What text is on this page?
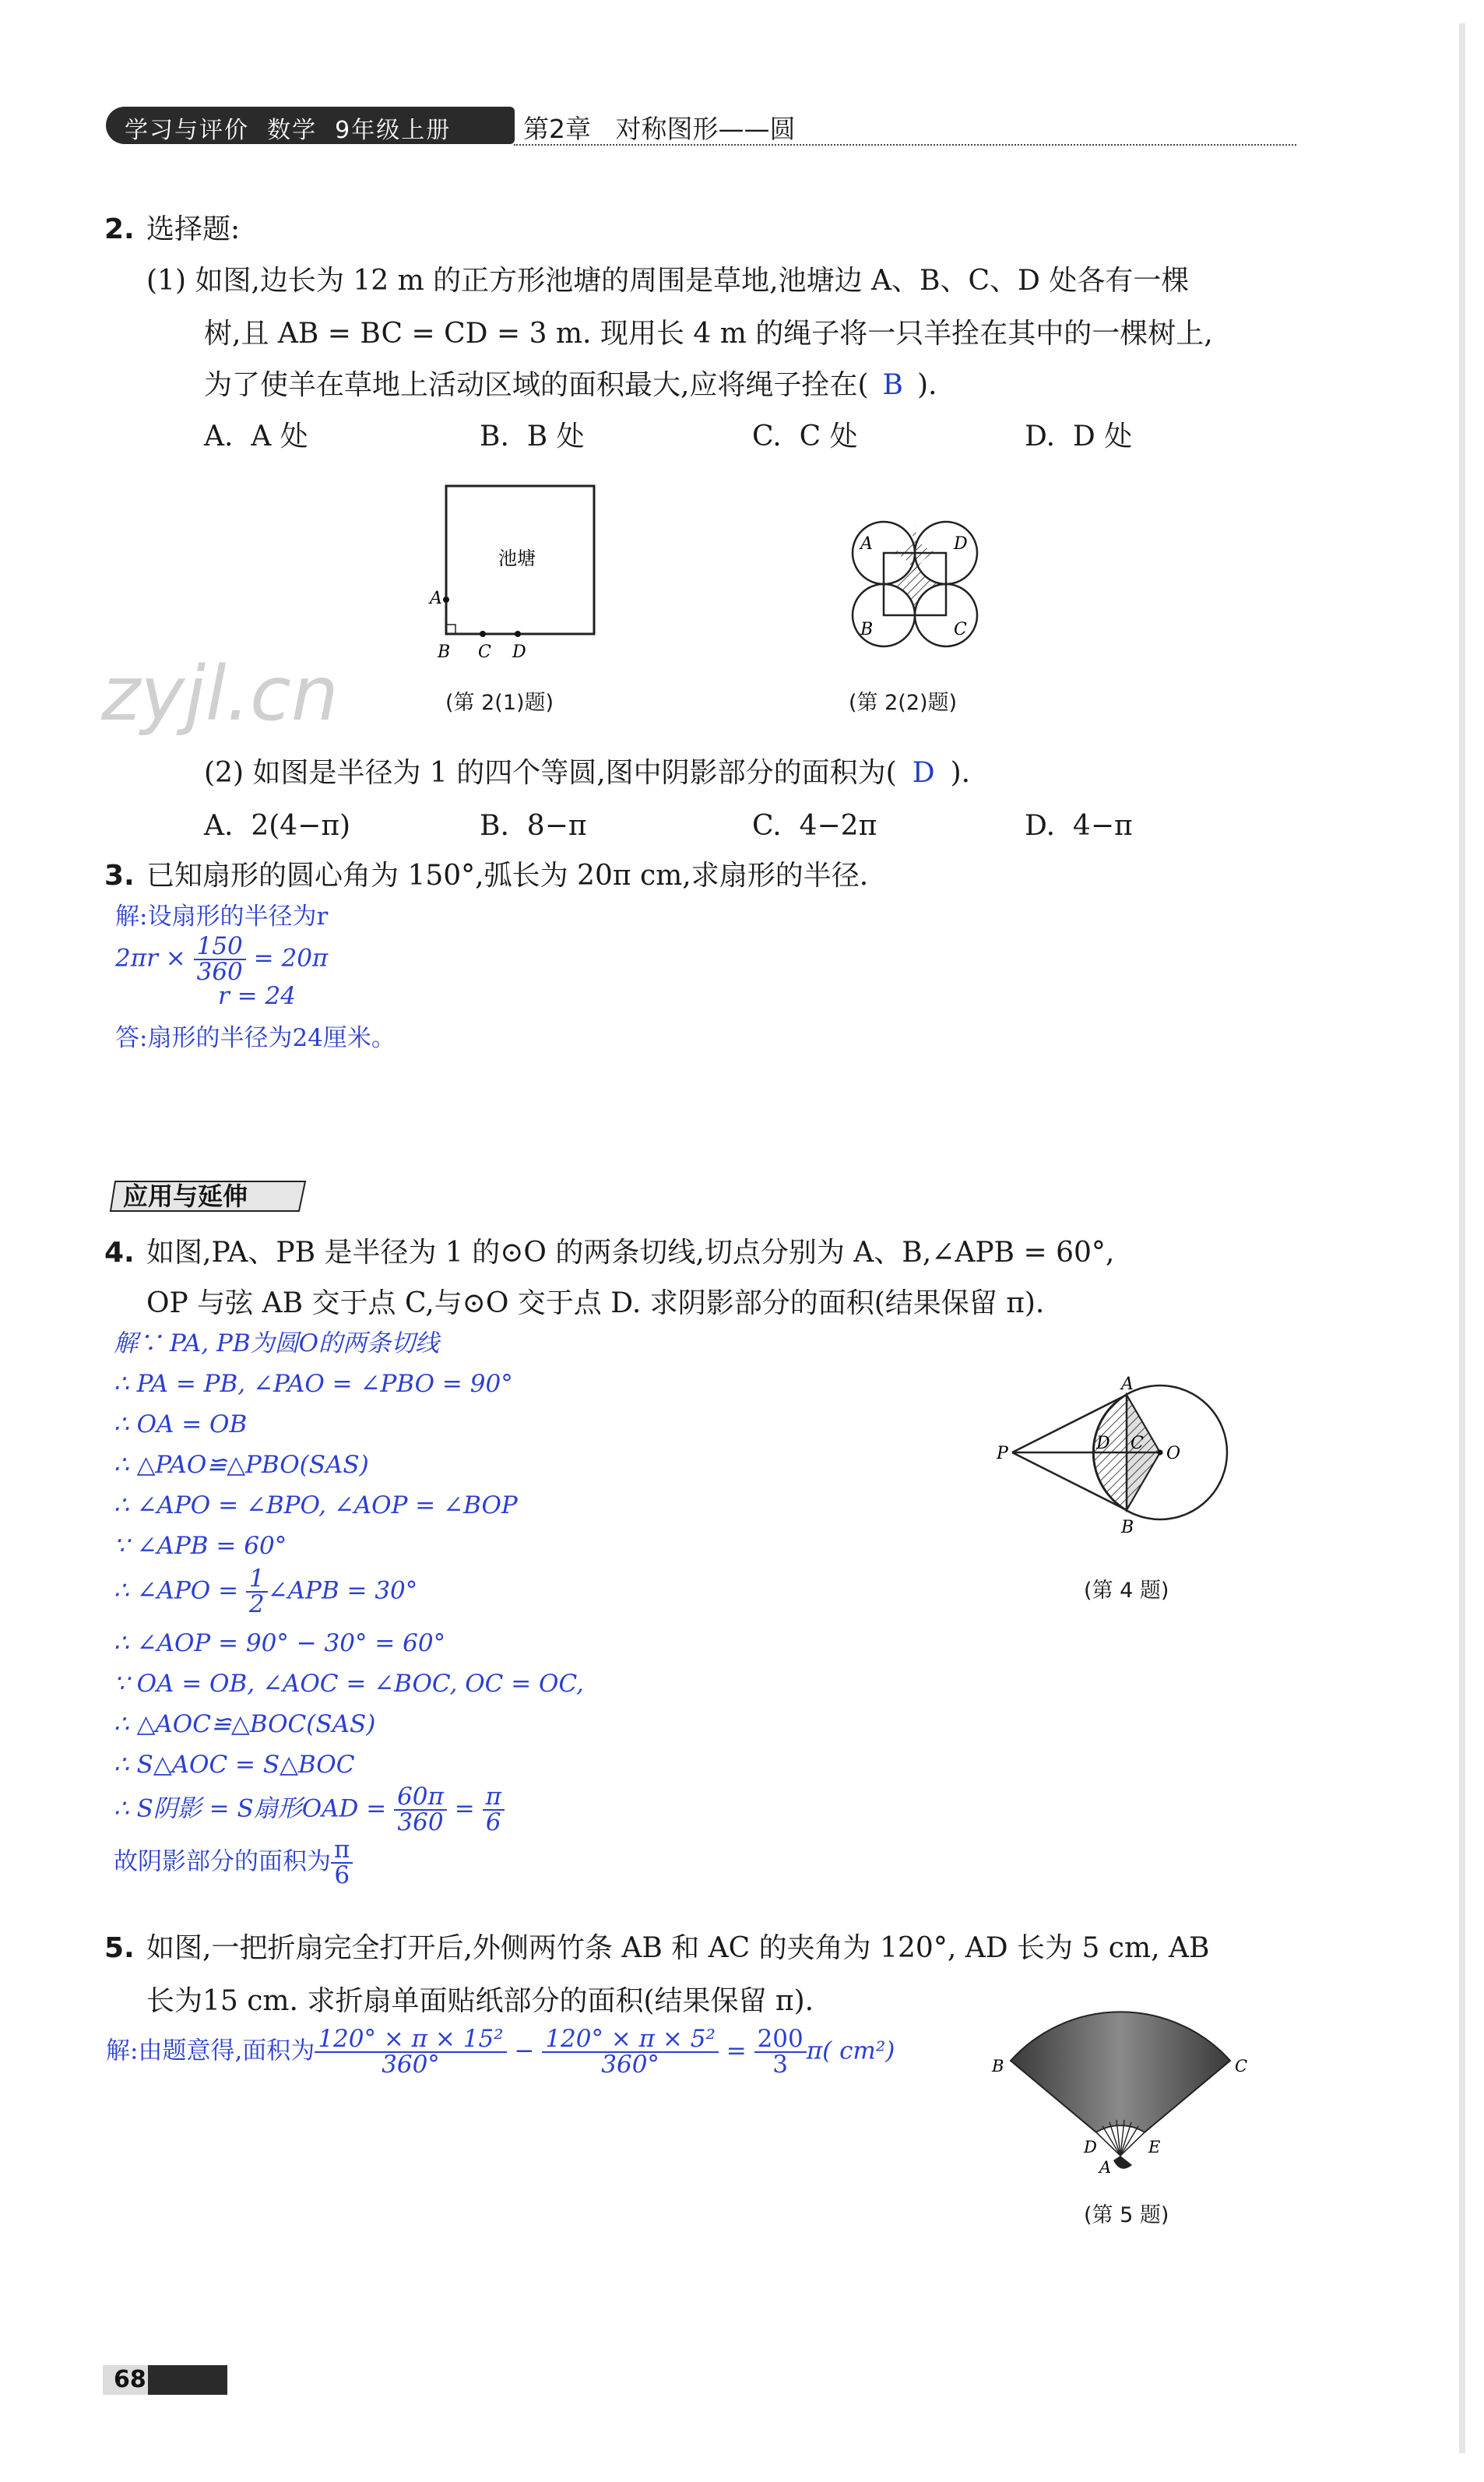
学习与评价  数学  9年级上册	第2章   对称图形——圆
zyjl.cn
2. 选择题:
(1) 如图,边长为 12 m 的正方形池塘的周围是草地,池塘边 A、B、C、D 处各有一棵
树,且 AB = BC = CD = 3 m. 现用长 4 m 的绳子将一只羊拴在其中的一棵树上,
为了使羊在草地上活动区域的面积最大,应将绳子拴在( B ).
A.  A 处	B.  B 处	C.  C 处	D.  D 处
池塘
A
B C D
(第 2(1)题)
A	D
B	C
(第 2(2)题)
(2) 如图是半径为 1 的四个等圆,图中阴影部分的面积为( D ).
A.  2(4−π)	B.  8−π	C.  4−2π	D.  4−π
3. 已知扇形的圆心角为 150°,弧长为 20π cm,求扇形的半径.
解:设扇形的半径为r
$2\pi r \times \frac{150}{360} = 20\pi$
r = 24
答:扇形的半径为24厘米。
应用与延伸
4. 如图,PA、PB 是半径为 1 的⊙O 的两条切线,切点分别为 A、B,∠APB = 60°,
OP 与弦 AB 交于点 C,与⊙O 交于点 D. 求阴影部分的面积(结果保留 π).
解∵ PA, PB为圆O的两条切线
∴ PA = PB, ∠PAO = ∠PBO = 90°
∴ OA = OB
∴ △PAO≌△PBO(SAS)
∴ ∠APO = ∠BPO, ∠AOP = ∠BOP
∵ ∠APB = 60°
∴ ∠APO = $\frac{1}{2}$ ∠APB = 30°
∴ ∠AOP = 90° − 30° = 60°
∵ OA = OB, ∠AOC = ∠BOC, OC = OC,
∴ △AOC≌△BOC(SAS)
∴ S△AOC = S△BOC
∴ S阴影 = S扇形OAD = $\frac{60\pi}{360} = \frac{\pi}{6}$
故阴影部分的面积为 $\frac{\pi}{6}$
A
P
D C
O
B
(第 4 题)
5. 如图,一把折扇完全打开后,外侧两竹条 AB 和 AC 的夹角为 120°, AD 长为 5 cm, AB
长为15 cm. 求折扇单面贴纸部分的面积(结果保留 π).
解:由题意得,面积为 $\frac{\text{120° × π × 15²}}{360^\circ} - \frac{\text{120° × π × 5²}}{360^\circ} = \frac{200}{3} \pi$( cm²)
B	C
D	E
A
(第 5 题)
68
